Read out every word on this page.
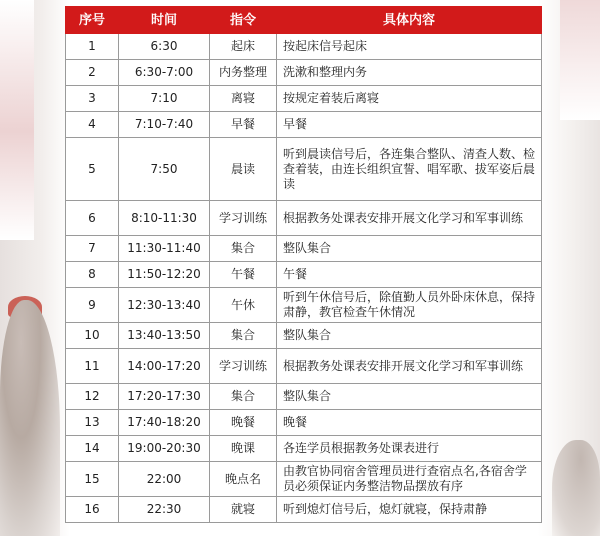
序号	时间	指令	具体内容
1	6:30	起床	按起床信号起床
2	6:30-7:00	内务整理	洗漱和整理内务
3	7:10	离寝	按规定着装后离寝
4	7:10-7:40	早餐	早餐
5	7:50	晨读	听到晨读信号后，各连集合整队、清查人数、检查着装，由连长组织宣誓、唱军歌、拔军姿后晨读
6	8:10-11:30	学习训练	根据教务处课表安排开展文化学习和军事训练
7	11:30-11:40	集合	整队集合
8	11:50-12:20	午餐	午餐
9	12:30-13:40	午休	听到午休信号后，除值勤人员外卧床休息，保持肃静，教官检查午休情况
10	13:40-13:50	集合	整队集合
11	14:00-17:20	学习训练	根据教务处课表安排开展文化学习和军事训练
12	17:20-17:30	集合	整队集合
13	17:40-18:20	晚餐	晚餐
14	19:00-20:30	晚课	各连学员根据教务处课表进行
15	22:00	晚点名	由教官协同宿舍管理员进行查宿点名,各宿舍学员必须保证内务整洁物品摆放有序
16	22:30	就寝	听到熄灯信号后，熄灯就寝，保持肃静
